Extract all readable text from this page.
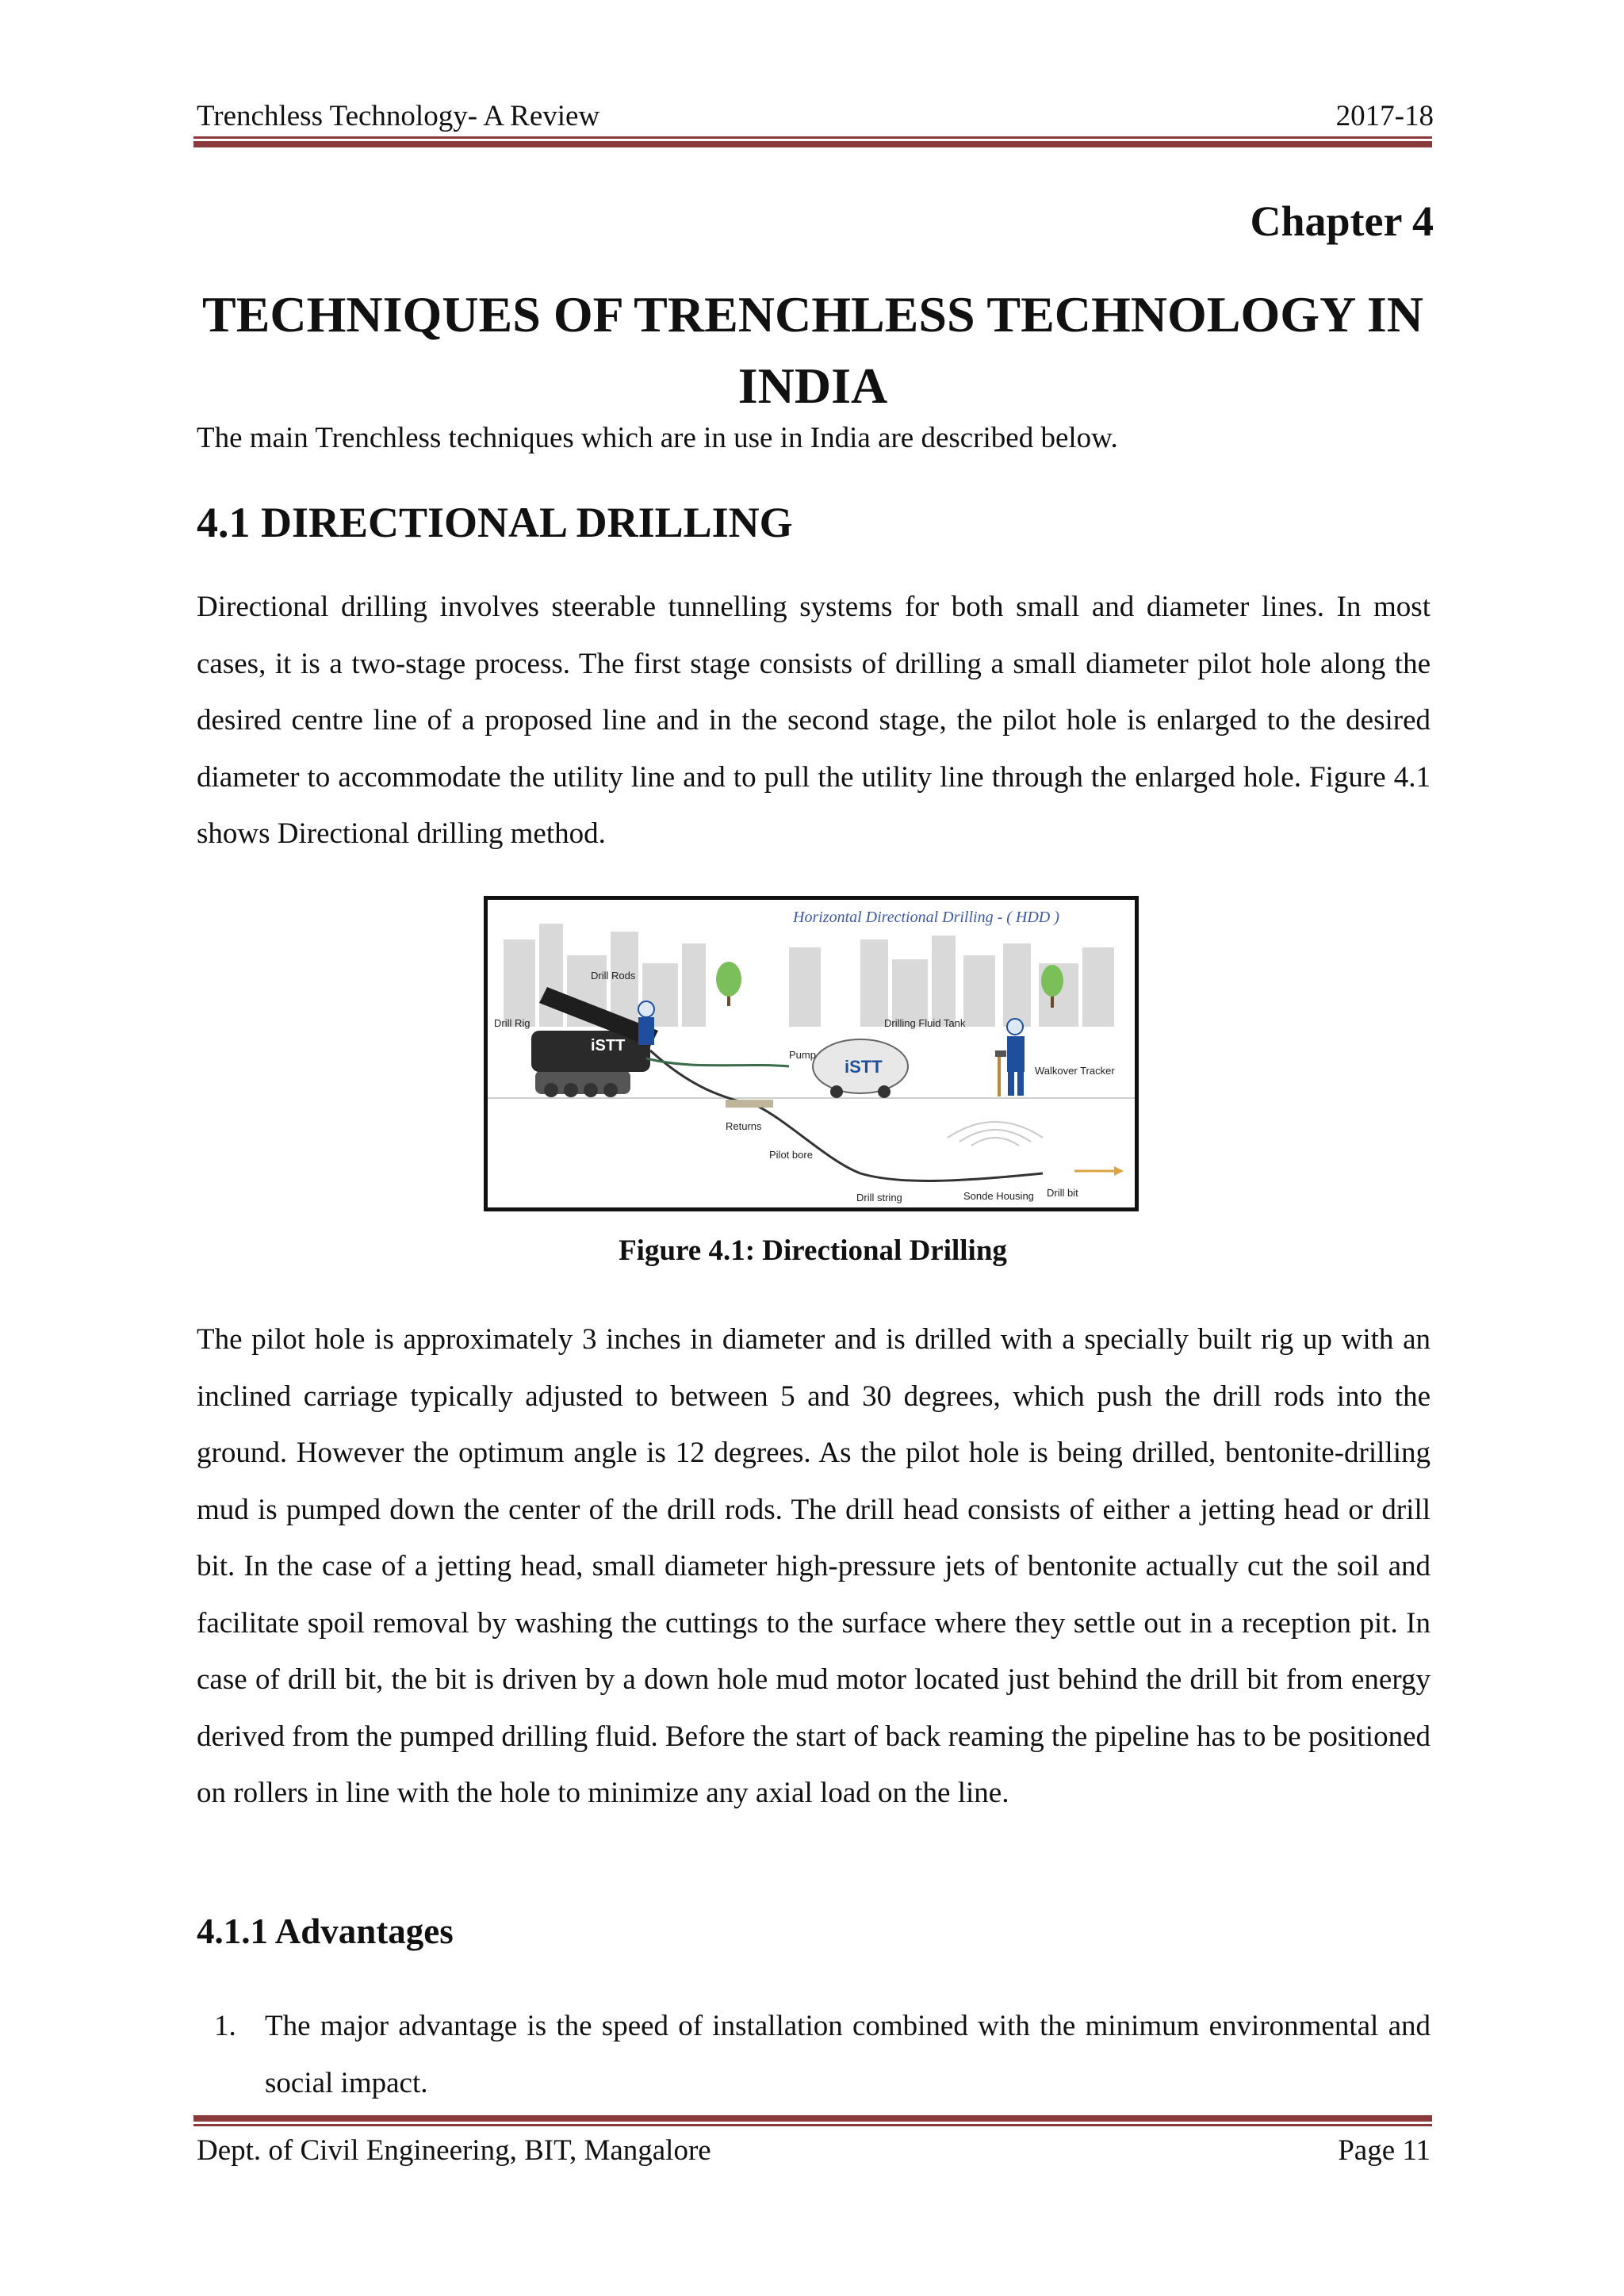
Trenchless Technology- A Review	2017-18
Chapter 4
TECHNIQUES OF TRENCHLESS TECHNOLOGY IN
INDIA
The main Trenchless techniques which are in use in India are described below.
4.1 DIRECTIONAL DRILLING
Directional drilling involves steerable tunnelling systems for both small and diameter lines. In most cases, it is a two-stage process. The first stage consists of drilling a small diameter pilot hole along the desired centre line of a proposed line and in the second stage, the pilot hole is enlarged to the desired diameter to accommodate the utility line and to pull the utility line through the enlarged hole. Figure 4.1 shows Directional drilling method.
Horizontal Directional Drilling - ( HDD )
iSTT
iSTT
Drill Rods
Drill Rig	Drilling Fluid Tank
Pump
Walkover Tracker
Returns
Pilot bore
Drill string	Sonde Housing Drill bit
Figure 4.1: Directional Drilling
The pilot hole is approximately 3 inches in diameter and is drilled with a specially built rig up with an inclined carriage typically adjusted to between 5 and 30 degrees, which push the drill rods into the ground. However the optimum angle is 12 degrees. As the pilot hole is being drilled, bentonite-drilling mud is pumped down the center of the drill rods. The drill head consists of either a jetting head or drill bit. In the case of a jetting head, small diameter high-pressure jets of bentonite actually cut the soil and facilitate spoil removal by washing the cuttings to the surface where they settle out in a reception pit. In case of drill bit, the bit is driven by a down hole mud motor located just behind the drill bit from energy derived from the pumped drilling fluid. Before the start of back reaming the pipeline has to be positioned on rollers in line with the hole to minimize any axial load on the line.
4.1.1 Advantages
1. The major advantage is the speed of installation combined with the minimum environmental and social impact.
Dept. of Civil Engineering, BIT, Mangalore	Page 11
